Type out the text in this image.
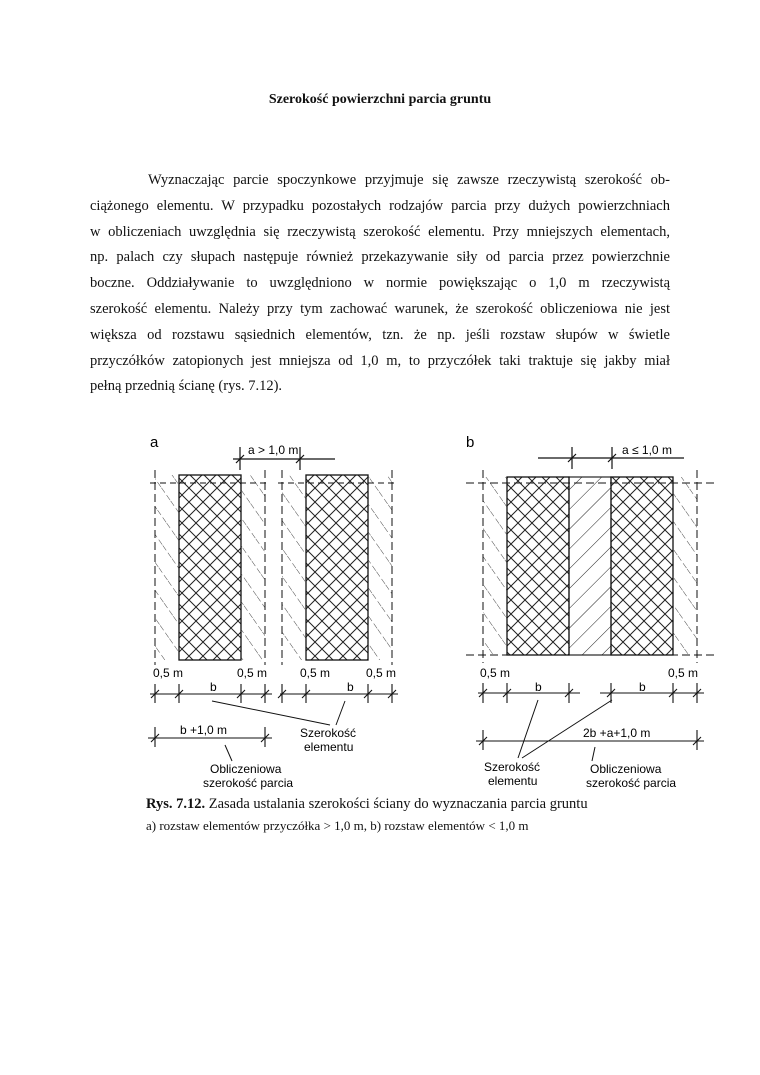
Szerokość powierzchni parcia gruntu

Wyznaczając parcie spoczynkowe przyjmuje się zawsze rzeczywistą szerokość ob-
ciążonego elementu. W przypadku pozostałych rodzajów parcia przy dużych powierzchniach
w obliczeniach uwzględnia się rzeczywistą szerokość elementu. Przy mniejszych elementach,
np. palach czy słupach następuje również przekazywanie siły od parcia przez powierzchnie
boczne. Oddziaływanie to uwzględniono w normie powiększając o 1,0 m rzeczywistą
szerokość elementu. Należy przy tym zachować warunek, że szerokość obliczeniowa nie jest
większa od rozstawu sąsiednich elementów, tzn. że np. jeśli rozstaw słupów w świetle
przyczółków zatopionych jest mniejsza od 1,0 m, to przyczółek taki traktuje się jakby miał
pełną przednią ścianę (rys. 7.12).

a	a > 1,0 m
0,5 m	0,5 m	0,5 m	0,5 m
b	b
b +1,0 m	Szerokość
elementu
Obliczeniowa
szerokość parcia
b	a ≤ 1,0 m
0,5 m	0,5 m
b	b
2b +a+1,0 m
Szerokość
elementu
Obliczeniowa
szerokość parcia
Rys. 7.12. Zasada ustalania szerokości ściany do wyznaczania parcia gruntu
a) rozstaw elementów przyczółka > 1,0 m, b) rozstaw elementów < 1,0 m
